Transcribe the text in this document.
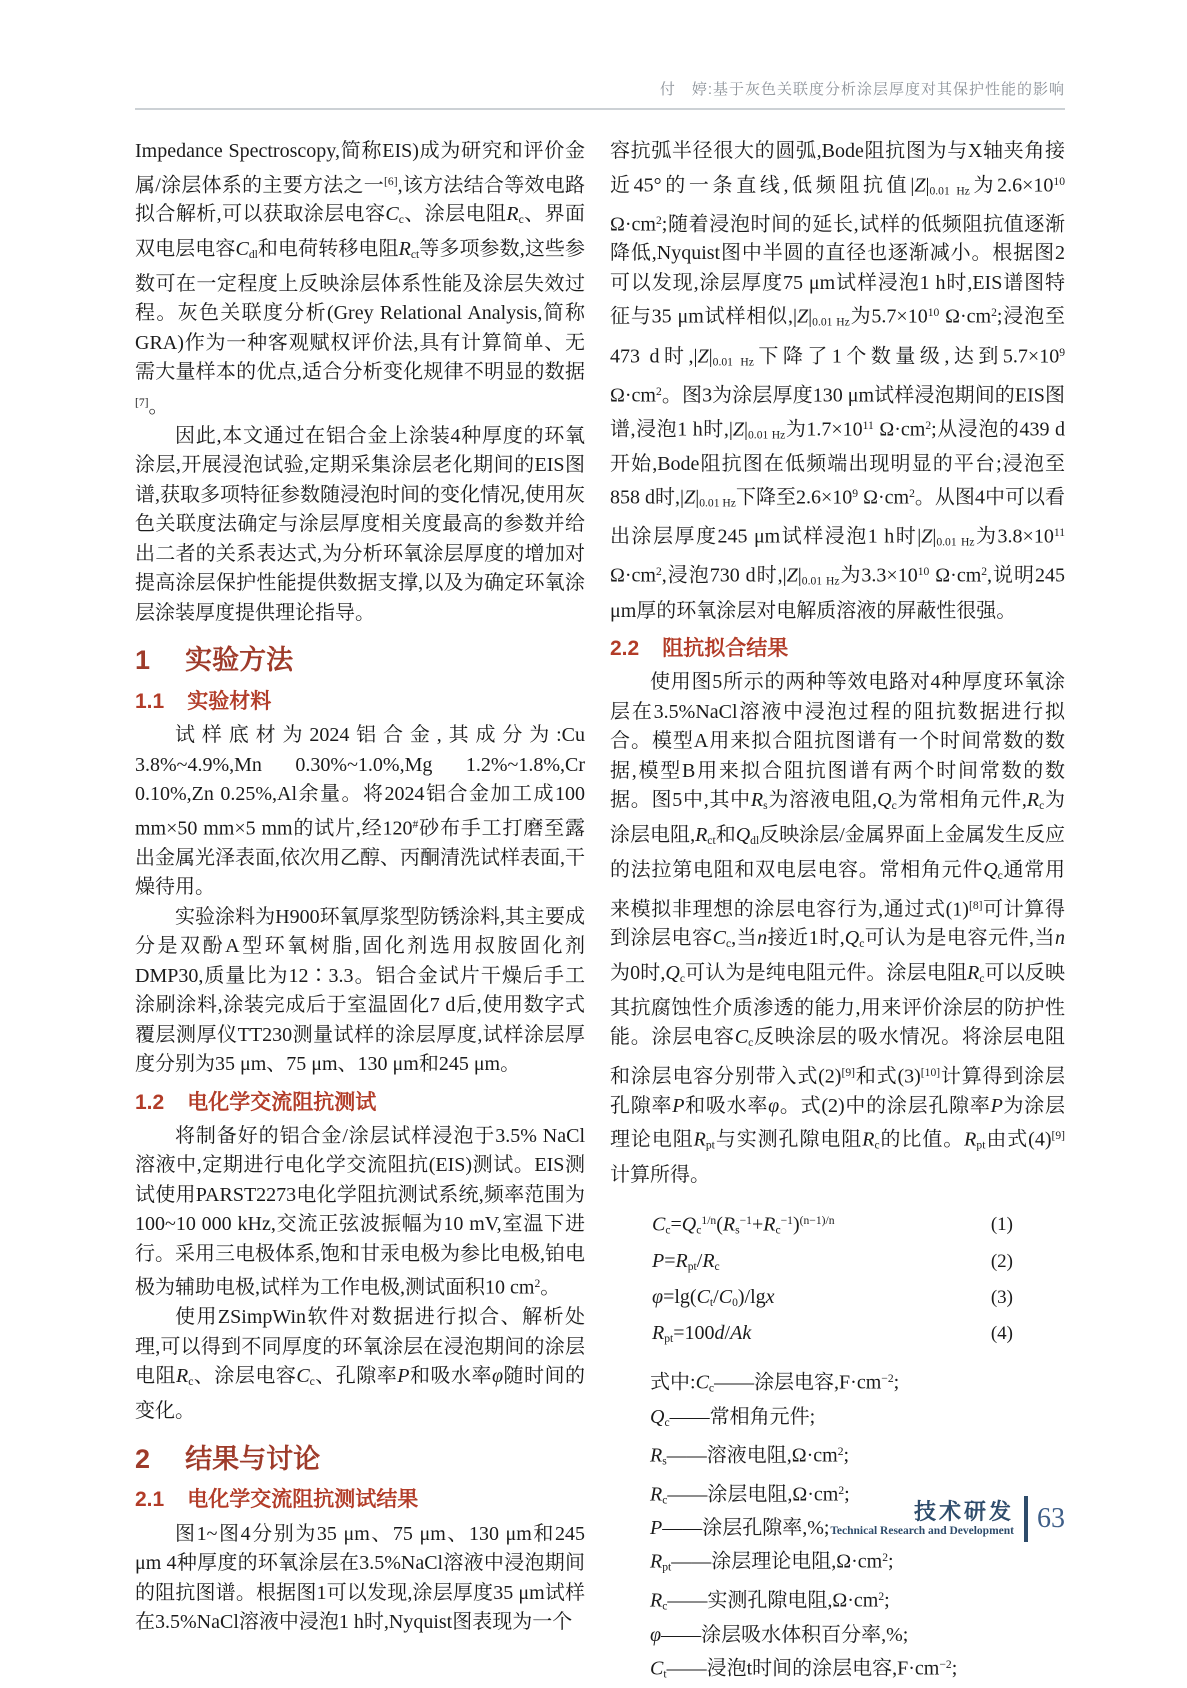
付　婷:基于灰色关联度分析涂层厚度对其保护性能的影响

Impedance Spectroscopy,简称EIS)成为研究和评价金属/涂层体系的主要方法之一[6],该方法结合等效电路拟合解析,可以获取涂层电容Cc、涂层电阻Rc、界面双电层电容Cdl和电荷转移电阻Rct等多项参数,这些参数可在一定程度上反映涂层体系性能及涂层失效过程。灰色关联度分析(Grey Relational Analysis,简称GRA)作为一种客观赋权评价法,具有计算简单、无需大量样本的优点,适合分析变化规律不明显的数据[7]。

因此,本文通过在铝合金上涂装4种厚度的环氧涂层,开展浸泡试验,定期采集涂层老化期间的EIS图谱,获取多项特征参数随浸泡时间的变化情况,使用灰色关联度法确定与涂层厚度相关度最高的参数并给出二者的关系表达式,为分析环氧涂层厚度的增加对提高涂层保护性能提供数据支撑,以及为确定环氧涂层涂装厚度提供理论指导。

1 实验方法
1.1 实验材料

试样底材为2024铝合金,其成分为:Cu 3.8%~4.9%,Mn 0.30%~1.0%,Mg 1.2%~1.8%,Cr 0.10%,Zn 0.25%,Al余量。将2024铝合金加工成100 mm×50 mm×5 mm的试片,经120#砂布手工打磨至露出金属光泽表面,依次用乙醇、丙酮清洗试样表面,干燥待用。

实验涂料为H900环氧厚浆型防锈涂料,其主要成分是双酚A型环氧树脂,固化剂选用叔胺固化剂DMP30,质量比为12∶3.3。铝合金试片干燥后手工涂刷涂料,涂装完成后于室温固化7 d后,使用数字式覆层测厚仪TT230测量试样的涂层厚度,试样涂层厚度分别为35 μm、75 μm、130 μm和245 μm。

1.2 电化学交流阻抗测试

将制备好的铝合金/涂层试样浸泡于3.5% NaCl溶液中,定期进行电化学交流阻抗(EIS)测试。EIS测试使用PARST2273电化学阻抗测试系统,频率范围为100~10 000 kHz,交流正弦波振幅为10 mV,室温下进行。采用三电极体系,饱和甘汞电极为参比电极,铂电极为辅助电极,试样为工作电极,测试面积10 $cm^2$。

使用ZSimpWin软件对数据进行拟合、解析处理,可以得到不同厚度的环氧涂层在浸泡期间的涂层电阻Rc、涂层电容Cc、孔隙率P和吸水率φ随时间的变化。

2 结果与讨论
2.1 电化学交流阻抗测试结果

图1~图4分别为35 μm、75 μm、130 μm和245 μm 4种厚度的环氧涂层在3.5%NaCl溶液中浸泡期间的阻抗图谱。根据图1可以发现,涂层厚度35 μm试样在3.5%NaCl溶液中浸泡1 h时,Nyquist图表现为一个

容抗弧半径很大的圆弧,Bode阻抗图为与X轴夹角接近45°的一条直线,低频阻抗值|Z|0.01 Hz为$2.6\times 10^{10}$ $\Omega\cdot cm^2$;随着浸泡时间的延长,试样的低频阻抗值逐渐降低,Nyquist图中半圆的直径也逐渐减小。根据图2可以发现,涂层厚度75 μm试样浸泡1 h时,EIS谱图特征与35 μm试样相似,|Z|0.01 Hz为$5.7\times 10^{10}$ $\Omega\cdot cm^2$;浸泡至473 d时,|Z|0.01 Hz下降了1个数量级,达到$5.7\times 10^9$ $\Omega\cdot cm^2$。图3为涂层厚度130 μm试样浸泡期间的EIS图谱,浸泡1 h时,|Z|0.01 Hz为$1.7\times 10^{11}$ $\Omega\cdot cm^2$;从浸泡的439 d开始,Bode阻抗图在低频端出现明显的平台;浸泡至858 d时,|Z|0.01 Hz下降至$2.6\times 10^9$ $\Omega\cdot cm^2$。从图4中可以看出涂层厚度245 μm试样浸泡1 h时|Z|0.01 Hz为$3.8\times 10^{11}$ $\Omega\cdot cm^2$,浸泡730 d时,|Z|0.01 Hz为$3.3\times 10^{10}$ $\Omega\cdot cm^2$,说明245 μm厚的环氧涂层对电解质溶液的屏蔽性很强。

2.2 阻抗拟合结果

使用图5所示的两种等效电路对4种厚度环氧涂层在3.5%NaCl溶液中浸泡过程的阻抗数据进行拟合。模型A用来拟合阻抗图谱有一个时间常数的数据,模型B用来拟合阻抗图谱有两个时间常数的数据。图5中,其中Rs为溶液电阻,Qc为常相角元件,Rc为涂层电阻,Rct和Qdl反映涂层/金属界面上金属发生反应的法拉第电阻和双电层电容。常相角元件Qc通常用来模拟非理想的涂层电容行为,通过式(1)[8]可计算得到涂层电容Cc,当n接近1时,Qc可认为是电容元件,当n为0时,Qc可认为是纯电阻元件。涂层电阻Rc可以反映其抗腐蚀性介质渗透的能力,用来评价涂层的防护性能。涂层电容Cc反映涂层的吸水情况。将涂层电阻和涂层电容分别带入式(2)[9]和式(3)[10]计算得到涂层孔隙率P和吸水率φ。式(2)中的涂层孔隙率P为涂层理论电阻Rpt与实测孔隙电阻Rc的比值。Rpt由式(4)[9]计算所得。

$Cc=Qc^{1/n}(Rs^{-1}+Rc^{-1})^{(n-1)/n}$	(1)
P=Rpt/Rc	(2)
φ=lg(Ct/C0)/lgx	(3)
Rpt=100d/Ak	(4)
式中:Cc——涂层电容$,F\cdot cm^{-2}$;
Qc——常相角元件;
Rs——溶液电阻$,\Omega\cdot cm^2$;
Rc——涂层电阻$,\Omega\cdot cm^2$;
P——涂层孔隙率,%;
Rpt——涂层理论电阻$,\Omega\cdot cm^2$;
Rc——实测孔隙电阻$,\Omega\cdot cm^2$;
φ——涂层吸水体积百分率,%;
Ct——浸泡t时间的涂层电容$,F\cdot cm^{-2}$;
技术研发
Technical Research and Development 63
